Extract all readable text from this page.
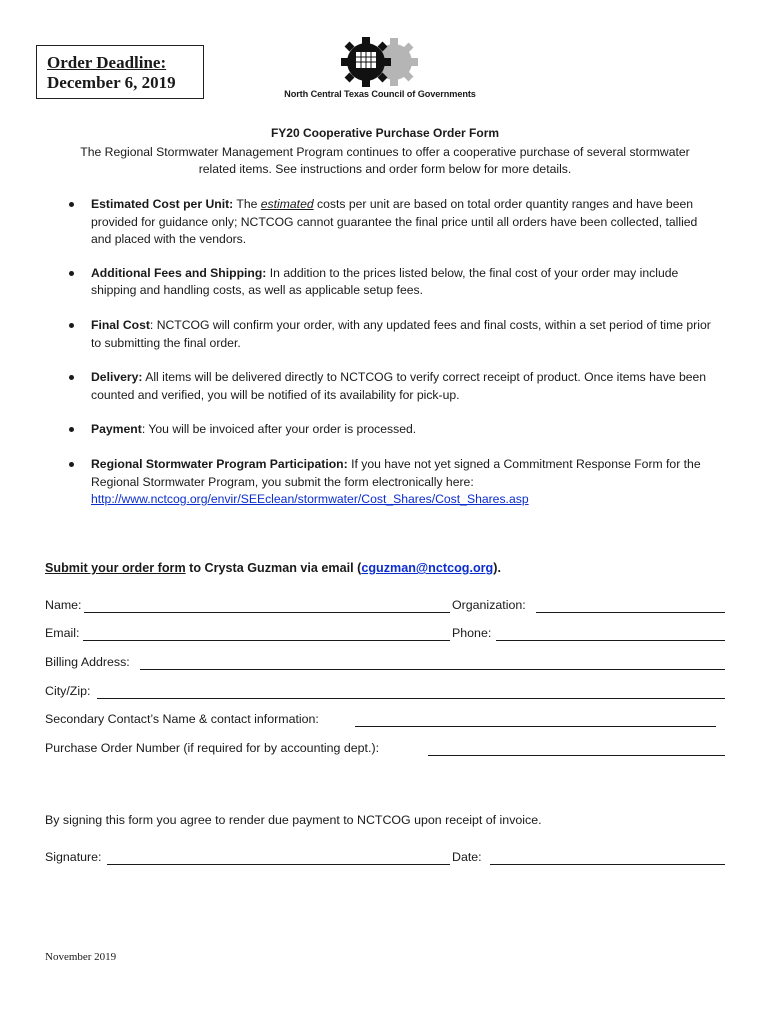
Order Deadline:
December 6, 2019
North Central Texas Council of Governments
FY20 Cooperative Purchase Order Form
The Regional Stormwater Management Program continues to offer a cooperative purchase of several stormwater related items. See instructions and order form below for more details.
Estimated Cost per Unit: The estimated costs per unit are based on total order quantity ranges and have been provided for guidance only; NCTCOG cannot guarantee the final price until all orders have been collected, tallied and placed with the vendors.
Additional Fees and Shipping: In addition to the prices listed below, the final cost of your order may include shipping and handling costs, as well as applicable setup fees.
Final Cost: NCTCOG will confirm your order, with any updated fees and final costs, within a set period of time prior to submitting the final order.
Delivery: All items will be delivered directly to NCTCOG to verify correct receipt of product. Once items have been counted and verified, you will be notified of its availability for pick-up.
Payment: You will be invoiced after your order is processed.
Regional Stormwater Program Participation: If you have not yet signed a Commitment Response Form for the Regional Stormwater Program, you submit the form electronically here:
http://www.nctcog.org/envir/SEEclean/stormwater/Cost_Shares/Cost_Shares.asp
Submit your order form to Crysta Guzman via email (cguzman@nctcog.org).
Name:	Organization:
Email:	Phone:
Billing Address:
City/Zip:
Secondary Contact’s Name & contact information:
Purchase Order Number (if required for by accounting dept.):
By signing this form you agree to render due payment to NCTCOG upon receipt of invoice.
Signature:	Date:
November 2019
